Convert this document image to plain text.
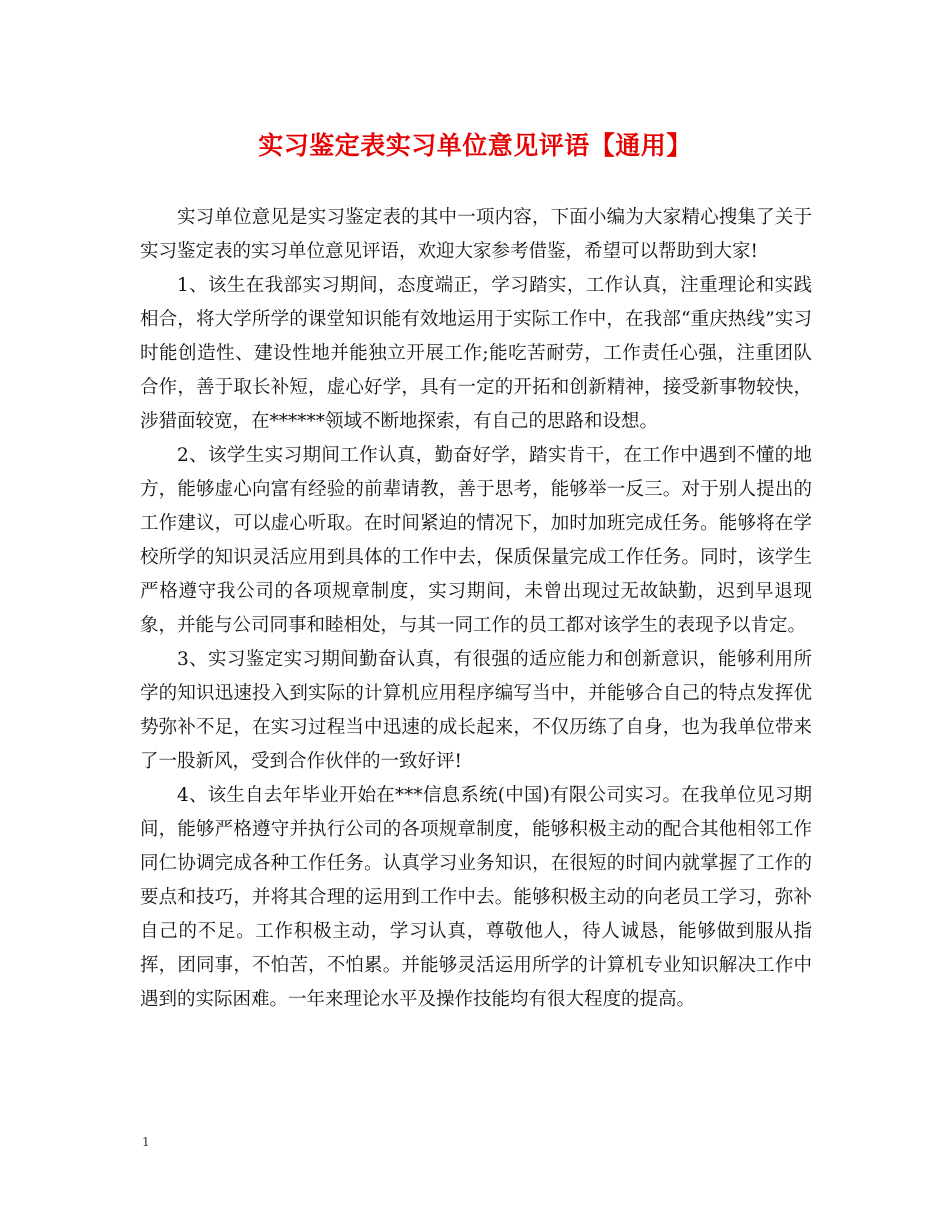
实习鉴定表实习单位意见评语【通用】

实习单位意见是实习鉴定表的其中一项内容，下面小编为大家精心搜集了关于实习鉴定表的实习单位意见评语，欢迎大家参考借鉴，希望可以帮助到大家!

1、该生在我部实习期间，态度端正，学习踏实，工作认真，注重理论和实践相合，将大学所学的课堂知识能有效地运用于实际工作中，在我部“重庆热线”实习时能创造性、建设性地并能独立开展工作;能吃苦耐劳，工作责任心强，注重团队合作，善于取长补短，虚心好学，具有一定的开拓和创新精神，接受新事物较快，涉猎面较宽，在******领域不断地探索，有自己的思路和设想。

2、该学生实习期间工作认真，勤奋好学，踏实肯干，在工作中遇到不懂的地方，能够虚心向富有经验的前辈请教，善于思考，能够举一反三。对于别人提出的工作建议，可以虚心听取。在时间紧迫的情况下，加时加班完成任务。能够将在学校所学的知识灵活应用到具体的工作中去，保质保量完成工作任务。同时，该学生严格遵守我公司的各项规章制度，实习期间，未曾出现过无故缺勤，迟到早退现象，并能与公司同事和睦相处，与其一同工作的员工都对该学生的表现予以肯定。

3、实习鉴定实习期间勤奋认真，有很强的适应能力和创新意识，能够利用所学的知识迅速投入到实际的计算机应用程序编写当中，并能够合自己的特点发挥优势弥补不足，在实习过程当中迅速的成长起来，不仅历练了自身，也为我单位带来了一股新风，受到合作伙伴的一致好评!

4、该生自去年毕业开始在***信息系统(中国)有限公司实习。在我单位见习期间，能够严格遵守并执行公司的各项规章制度，能够积极主动的配合其他相邻工作同仁协调完成各种工作任务。认真学习业务知识，在很短的时间内就掌握了工作的要点和技巧，并将其合理的运用到工作中去。能够积极主动的向老员工学习，弥补自己的不足。工作积极主动，学习认真，尊敬他人，待人诚恳，能够做到服从指挥，团同事，不怕苦，不怕累。并能够灵活运用所学的计算机专业知识解决工作中遇到的实际困难。一年来理论水平及操作技能均有很大程度的提高。

1
